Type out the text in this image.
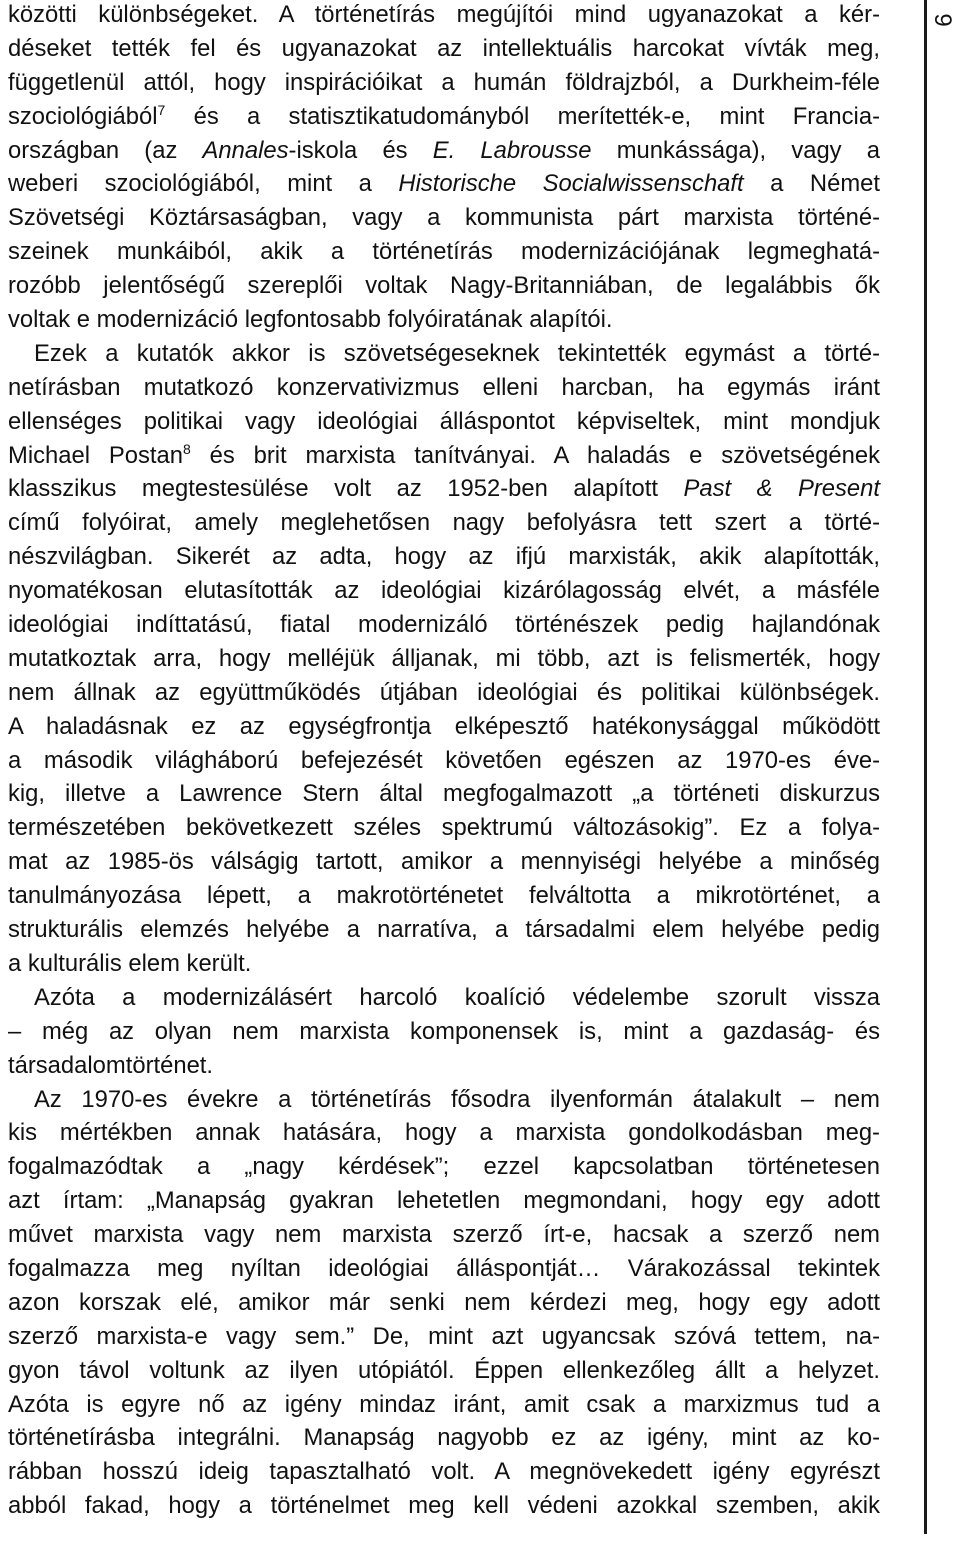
közötti különbségeket. A történetírás megújítói mind ugyanazokat a kér-
déseket tették fel és ugyanazokat az intellektuális harcokat vívták meg,
függetlenül attól, hogy inspirációikat a humán földrajzból, a Durkheim-féle
szociológiából$^7$ és a statisztikatudományból merítették-e, mint Francia-
országban (az Annales-iskola és E. Labrousse munkássága), vagy a
weberi szociológiából, mint a Historische Socialwissenschaft a Német
Szövetségi Köztársaságban, vagy a kommunista párt marxista történé-
szeinek munkáiból, akik a történetírás modernizációjának legmeghatá-
rozóbb jelentőségű szereplői voltak Nagy-Britanniában, de legalábbis ők
voltak e modernizáció legfontosabb folyóiratának alapítói.
Ezek a kutatók akkor is szövetségeseknek tekintették egymást a törté-
netírásban mutatkozó konzervativizmus elleni harcban, ha egymás iránt
ellenséges politikai vagy ideológiai álláspontot képviseltek, mint mondjuk
Michael Postan$^8$ és brit marxista tanítványai. A haladás e szövetségének
klasszikus megtestesülése volt az 1952-ben alapított Past & Present
című folyóirat, amely meglehetősen nagy befolyásra tett szert a törté-
nészvilágban. Sikerét az adta, hogy az ifjú marxisták, akik alapították,
nyomatékosan elutasították az ideológiai kizárólagosság elvét, a másféle
ideológiai indíttatású, fiatal modernizáló történészek pedig hajlandónak
mutatkoztak arra, hogy melléjük álljanak, mi több, azt is felismerték, hogy
nem állnak az együttműködés útjában ideológiai és politikai különbségek.
A haladásnak ez az egységfrontja elképesztő hatékonysággal működött
a második világháború befejezését követően egészen az 1970-es éve-
kig, illetve a Lawrence Stern által megfogalmazott „a történeti diskurzus
természetében bekövetkezett széles spektrumú változásokig”. Ez a folya-
mat az 1985-ös válságig tartott, amikor a mennyiségi helyébe a minőség
tanulmányozása lépett, a makrotörténetet felváltotta a mikrotörténet, a
strukturális elemzés helyébe a narratíva, a társadalmi elem helyébe pedig
a kulturális elem került.
Azóta a modernizálásért harcoló koalíció védelembe szorult vissza
– még az olyan nem marxista komponensek is, mint a gazdaság- és
társadalomtörténet.
Az 1970-es évekre a történetírás fősodra ilyenformán átalakult – nem
kis mértékben annak hatására, hogy a marxista gondolkodásban meg-
fogalmazódtak a „nagy kérdések”; ezzel kapcsolatban történetesen
azt írtam: „Manapság gyakran lehetetlen megmondani, hogy egy adott
művet marxista vagy nem marxista szerző írt-e, hacsak a szerző nem
fogalmazza meg nyíltan ideológiai álláspontját… Várakozással tekintek
azon korszak elé, amikor már senki nem kérdezi meg, hogy egy adott
szerző marxista-e vagy sem.” De, mint azt ugyancsak szóvá tettem, na-
gyon távol voltunk az ilyen utópiától. Éppen ellenkezőleg állt a helyzet.
Azóta is egyre nő az igény mindaz iránt, amit csak a marxizmus tud a
történetírásba integrálni. Manapság nagyobb ez az igény, mint az ko-
rábban hosszú ideig tapasztalható volt. A megnövekedett igény egyrészt
abból fakad, hogy a történelmet meg kell védeni azokkal szemben, akik
9
